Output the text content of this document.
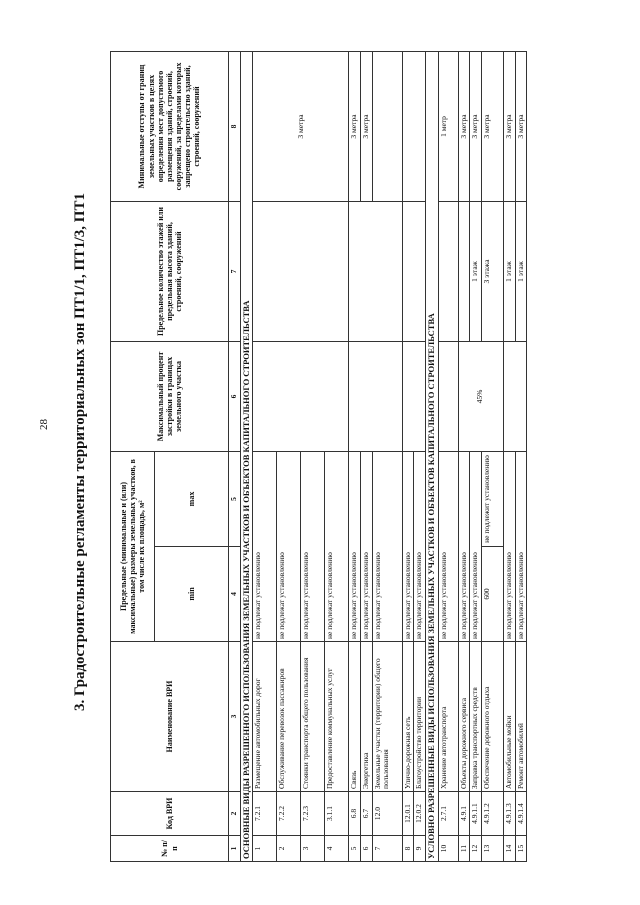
28 3. Градостроительные регламенты территориальных зон ПТ1/1, ПТ1/3, ПТ1
№ п/п	Код ВРИ	Наименование ВРИ	Предельные (минимальные и (или) максимальные) размеры земельных участков, в том числе их площадь, м²		Максимальный процент застройки в границах земельного участка	Предельное количество этажей или предельная высота зданий, строений, сооружений	Минимальные отступы от границ земельных участков в целях определения мест допустимого размещения зданий, строений, сооружений, за пределами которых запрещено строительство зданий, строений, сооружений
			min	max			
1	2	3	4	5	6	7	8
ОСНОВНЫЕ ВИДЫ РАЗРЕШЕННОГО ИСПОЛЬЗОВАНИЯ ЗЕМЕЛЬНЫХ УЧАСТКОВ И ОБЪЕКТОВ КАПИТАЛЬНОГО СТРОИТЕЛЬСТВА							
1	7.2.1	Размещение автомобильных дорог	не подлежат установлению				3 метра
2	7.2.2	Обслуживание перевозок пассажиров	не подлежат установлению				
3	7.2.3	Стоянки транспорта общего пользования	не подлежат установлению				
4	3.1.1	Предоставление коммунальных услуг	не подлежат установлению				
5	6.8	Связь	не подлежат установлению				3 метра
6	6.7	Энергетика	не подлежат установлению				3 метра
7	12.0	Земельные участки (территории) общего пользования	не подлежат установлению				
8	12.0.1	Улично-дорожная сеть	не подлежат установлению				
9	12.0.2	Благоустройство территории	не подлежат установлению				
УСЛОВНО РАЗРЕШЕННЫЕ ВИДЫ ИСПОЛЬЗОВАНИЯ ЗЕМЕЛЬНЫХ УЧАСТКОВ И ОБЪЕКТОВ КАПИТАЛЬНОГО СТРОИТЕЛЬСТВА							
10	2.7.1	Хранение автотранспорта	не подлежат установлению				1 метр
11	4.9.1	Объекты дорожного сервиса	не подлежат установлению		45%		3 метра
12	4.9.1.1	Заправка транспортных средств	не подлежат установлению			1 этаж	3 метра
13	4.9.1.2	Обеспечение дорожного отдыха	600	не подлежит установлению		3 этажа	3 метра
14	4.9.1.3	Автомобильные мойки	не подлежат установлению			1 этаж	3 метра
15	4.9.1.4	Ремонт автомобилей	не подлежат установлению			1 этаж	3 метра
